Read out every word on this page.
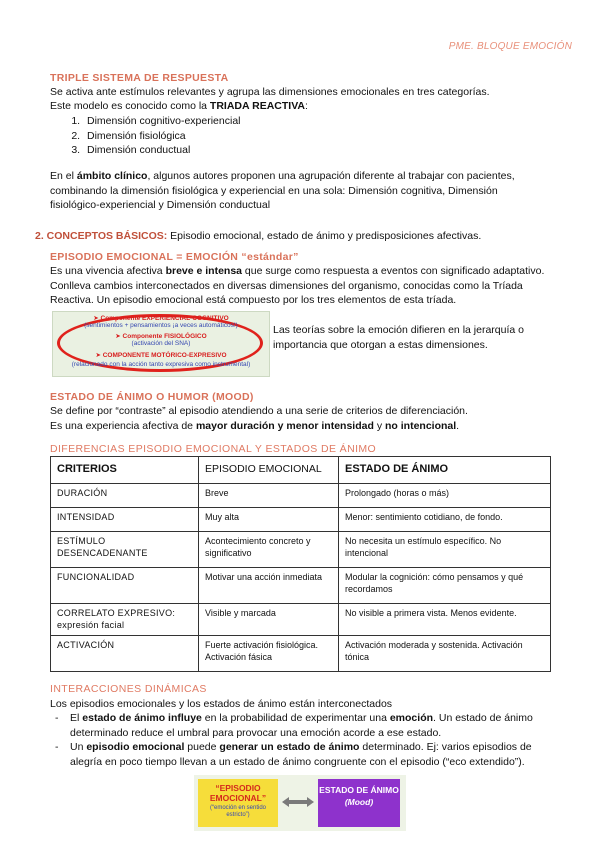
PME. BLOQUE EMOCIÓN
TRIPLE SISTEMA DE RESPUESTA

Se activa ante estímulos relevantes y agrupa las dimensiones emocionales en tres categorías.

Este modelo es conocido como la TRIADA REACTIVA:

1. Dimensión cognitivo-experiencial
2. Dimensión fisiológica
3. Dimensión conductual

En el ámbito clínico, algunos autores proponen una agrupación diferente al trabajar con pacientes, combinando la dimensión fisiológica y experiencial en una sola: Dimensión cognitiva, Dimensión fisiológico-experiencial y Dimensión conductual

2. CONCEPTOS BÁSICOS: Episodio emocional, estado de ánimo y predisposiciones afectivas.

EPISODIO EMOCIONAL = EMOCIÓN “estándar”

Es una vivencia afectiva breve e intensa que surge como respuesta a eventos con significado adaptativo. Conlleva cambios interconectados en diversas dimensiones del organismo, conocidas como la Tríada Reactiva. Un episodio emocional está compuesto por los tres elementos de esta tríada.

➤ Componente EXPERIENCIAL-COGNITIVO
(sentimientos + pensamientos ¡a veces automáticos!)
➤ Componente FISIOLÓGICO
(activación del SNA)
➤ COMPONENTE MOTÓRICO-EXPRESIVO
(relacionado con la acción tanto expresiva como instrumental)

Las teorías sobre la emoción difieren en la jerarquía o importancia que otorgan a estas dimensiones.

ESTADO DE ÁNIMO O HUMOR (MOOD)

Se define por “contraste” al episodio atendiendo a una serie de criterios de diferenciación.

Es una experiencia afectiva de mayor duración y menor intensidad y no intencional.

DIFERENCIAS EPISODIO EMOCIONAL Y ESTADOS DE ÁNIMO
CRITERIOS	EPISODIO EMOCIONAL	ESTADO DE ÁNIMO
DURACIÓN	Breve	Prolongado (horas o más)
INTENSIDAD	Muy alta	Menor: sentimiento cotidiano, de fondo.
ESTÍMULO DESENCADENANTE	Acontecimiento concreto y significativo	No necesita un estímulo específico. No intencional
FUNCIONALIDAD	Motivar una acción inmediata	Modular la cognición: cómo pensamos y qué recordamos
CORRELATO EXPRESIVO: expresión facial	Visible y marcada	No visible a primera vista. Menos evidente.
ACTIVACIÓN	Fuerte activación fisiológica. Activación fásica	Activación moderada y sostenida. Activación tónica
INTERACCIONES DINÁMICAS

Los episodios emocionales y los estados de ánimo están interconectados

- El estado de ánimo influye en la probabilidad de experimentar una emoción. Un estado de ánimo determinado reduce el umbral para provocar una emoción acorde a ese estado.
- Un episodio emocional puede generar un estado de ánimo determinado. Ej: varios episodios de alegría en poco tiempo llevan a un estado de ánimo congruente con el episodio (“eco extendido”).
“EPISODIO EMOCIONAL”
(“emoción en sentido estricto”)
ESTADO DE ÁNIMO
(Mood)
